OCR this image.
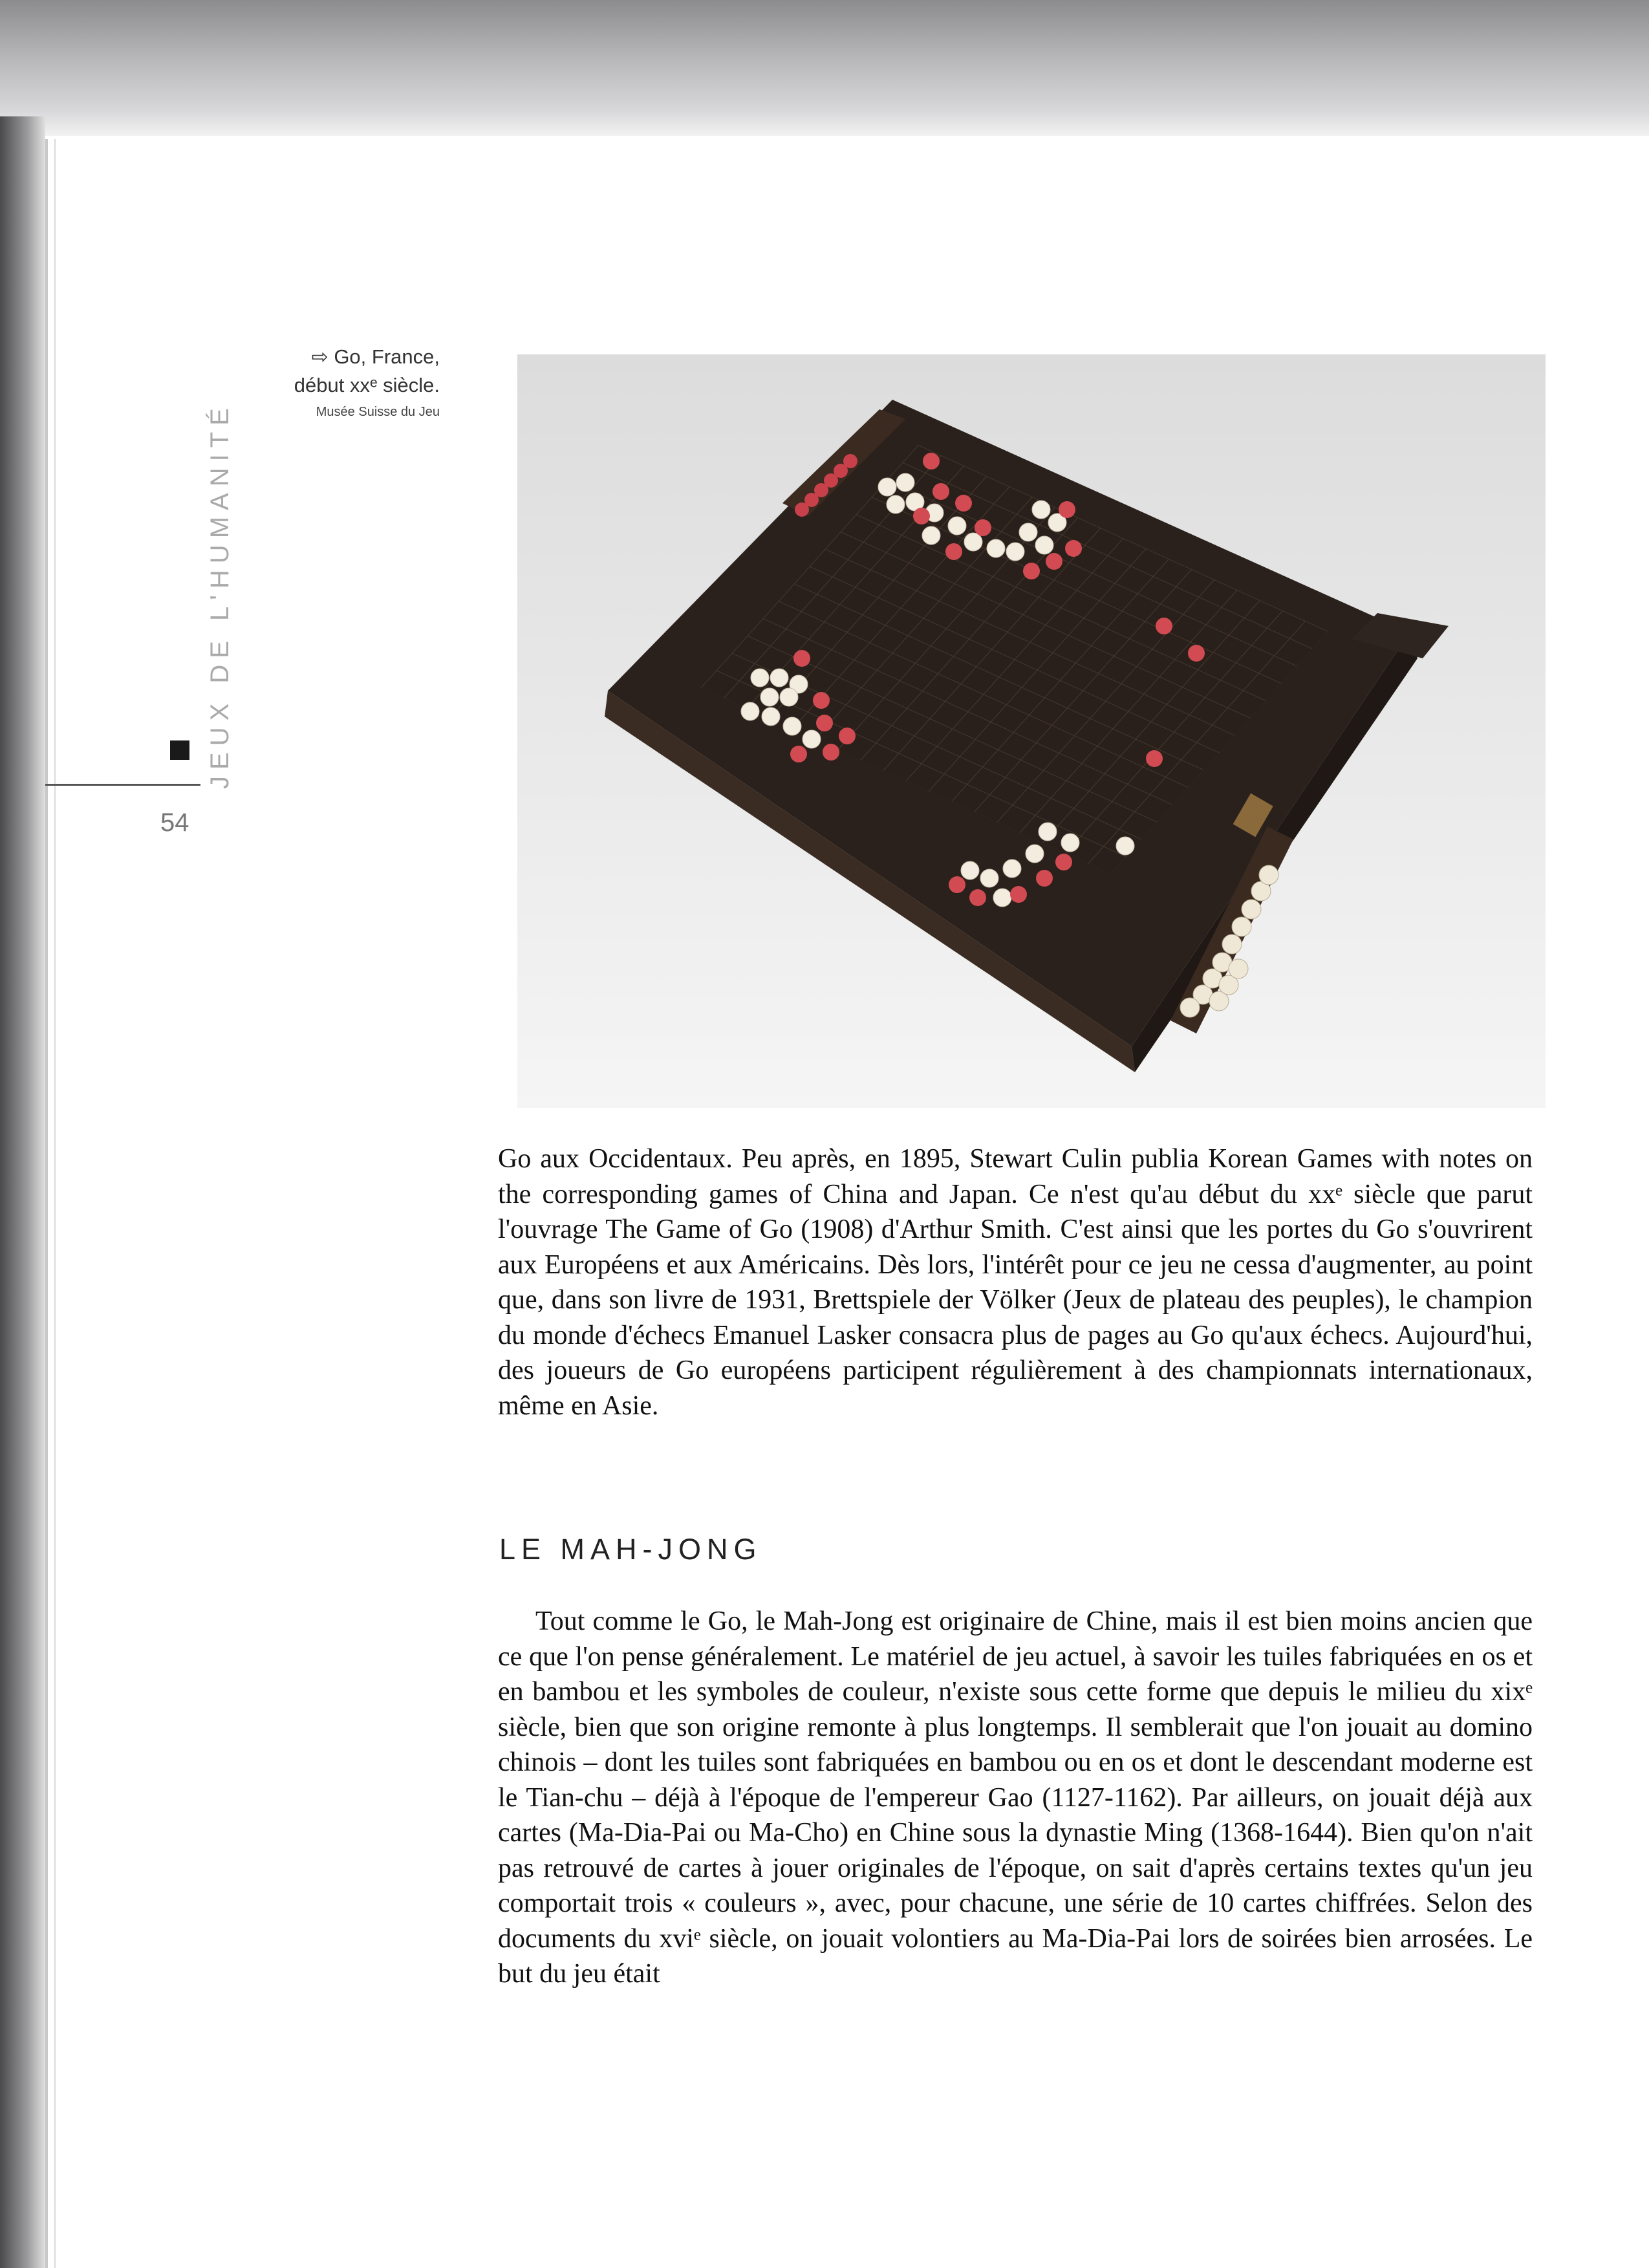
JEUX DE L'HUMANITÉ
54
⇨ Go, France,
début xxᵉ siècle.
Musée Suisse du Jeu

Go aux Occidentaux. Peu après, en 1895, Stewart Culin publia Korean Games with notes on the corresponding games of China and Japan. Ce n'est qu'au début du xxᵉ siècle que parut l'ouvrage The Game of Go (1908) d'Arthur Smith. C'est ainsi que les portes du Go s'ouvrirent aux Européens et aux Américains. Dès lors, l'intérêt pour ce jeu ne cessa d'augmenter, au point que, dans son livre de 1931, Brettspiele der Völker (Jeux de plateau des peuples), le champion du monde d'échecs Emanuel Lasker consacra plus de pages au Go qu'aux échecs. Aujourd'hui, des joueurs de Go européens participent régulièrement à des championnats internationaux, même en Asie.

LE MAH-JONG

Tout comme le Go, le Mah-Jong est originaire de Chine, mais il est bien moins ancien que ce que l'on pense généralement. Le matériel de jeu actuel, à savoir les tuiles fabriquées en os et en bambou et les symboles de couleur, n'existe sous cette forme que depuis le milieu du xixᵉ siècle, bien que son origine remonte à plus longtemps. Il semblerait que l'on jouait au domino chinois – dont les tuiles sont fabriquées en bambou ou en os et dont le descendant moderne est le Tian-chu – déjà à l'époque de l'empereur Gao (1127-1162). Par ailleurs, on jouait déjà aux cartes (Ma-Dia-Pai ou Ma-Cho) en Chine sous la dynastie Ming (1368-1644). Bien qu'on n'ait pas retrouvé de cartes à jouer originales de l'époque, on sait d'après certains textes qu'un jeu comportait trois « couleurs », avec, pour chacune, une série de 10 cartes chiffrées. Selon des documents du xviᵉ siècle, on jouait volontiers au Ma-Dia-Pai lors de soirées bien arrosées. Le but du jeu était
